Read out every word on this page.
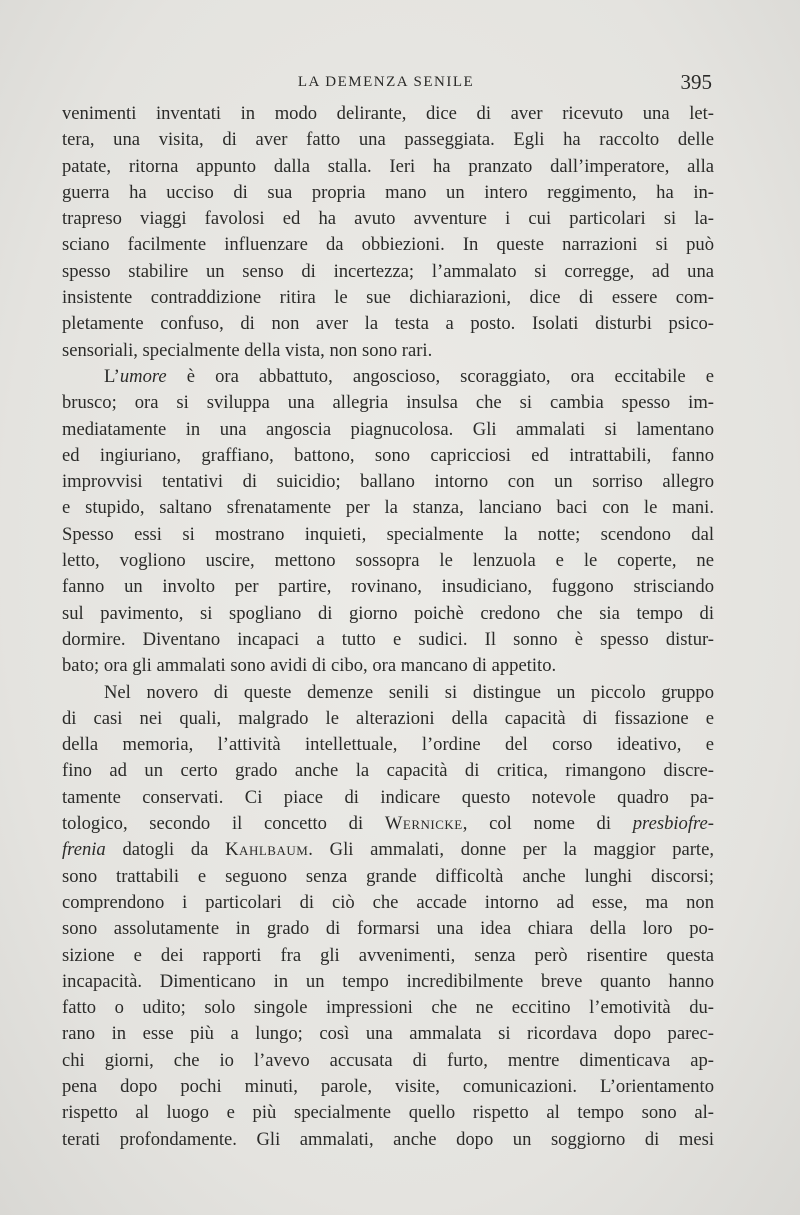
LA DEMENZA SENILE	395
venimenti inventati in modo delirante, dice di aver ricevuto una let-
tera, una visita, di aver fatto una passeggiata. Egli ha raccolto delle
patate, ritorna appunto dalla stalla. Ieri ha pranzato dall’imperatore, alla
guerra ha ucciso di sua propria mano un intero reggimento, ha in-
trapreso viaggi favolosi ed ha avuto avventure i cui particolari si la-
sciano facilmente influenzare da obbiezioni. In queste narrazioni si può
spesso stabilire un senso di incertezza; l’ammalato si corregge, ad una
insistente contraddizione ritira le sue dichiarazioni, dice di essere com-
pletamente confuso, di non aver la testa a posto. Isolati disturbi psico-
sensoriali, specialmente della vista, non sono rari.
L’umore è ora abbattuto, angoscioso, scoraggiato, ora eccitabile e
brusco; ora si sviluppa una allegria insulsa che si cambia spesso im-
mediatamente in una angoscia piagnucolosa. Gli ammalati si lamentano
ed ingiuriano, graffiano, battono, sono capricciosi ed intrattabili, fanno
improvvisi tentativi di suicidio; ballano intorno con un sorriso allegro
e stupido, saltano sfrenatamente per la stanza, lanciano baci con le mani.
Spesso essi si mostrano inquieti, specialmente la notte; scendono dal
letto, vogliono uscire, mettono sossopra le lenzuola e le coperte, ne
fanno un involto per partire, rovinano, insudiciano, fuggono strisciando
sul pavimento, si spogliano di giorno poichè credono che sia tempo di
dormire. Diventano incapaci a tutto e sudici. Il sonno è spesso distur-
bato; ora gli ammalati sono avidi di cibo, ora mancano di appetito.
Nel novero di queste demenze senili si distingue un piccolo gruppo
di casi nei quali, malgrado le alterazioni della capacità di fissazione e
della memoria, l’attività intellettuale, l’ordine del corso ideativo, e
fino ad un certo grado anche la capacità di critica, rimangono discre-
tamente conservati. Ci piace di indicare questo notevole quadro pa-
tologico, secondo il concetto di Wernicke, col nome di presbiofre-
frenia datogli da Kahlbaum. Gli ammalati, donne per la maggior parte,
sono trattabili e seguono senza grande difficoltà anche lunghi discorsi;
comprendono i particolari di ciò che accade intorno ad esse, ma non
sono assolutamente in grado di formarsi una idea chiara della loro po-
sizione e dei rapporti fra gli avvenimenti, senza però risentire questa
incapacità. Dimenticano in un tempo incredibilmente breve quanto hanno
fatto o udito; solo singole impressioni che ne eccitino l’emotività du-
rano in esse più a lungo; così una ammalata si ricordava dopo parec-
chi giorni, che io l’avevo accusata di furto, mentre dimenticava ap-
pena dopo pochi minuti, parole, visite, comunicazioni. L’orientamento
rispetto al luogo e più specialmente quello rispetto al tempo sono al-
terati profondamente. Gli ammalati, anche dopo un soggiorno di mesi
